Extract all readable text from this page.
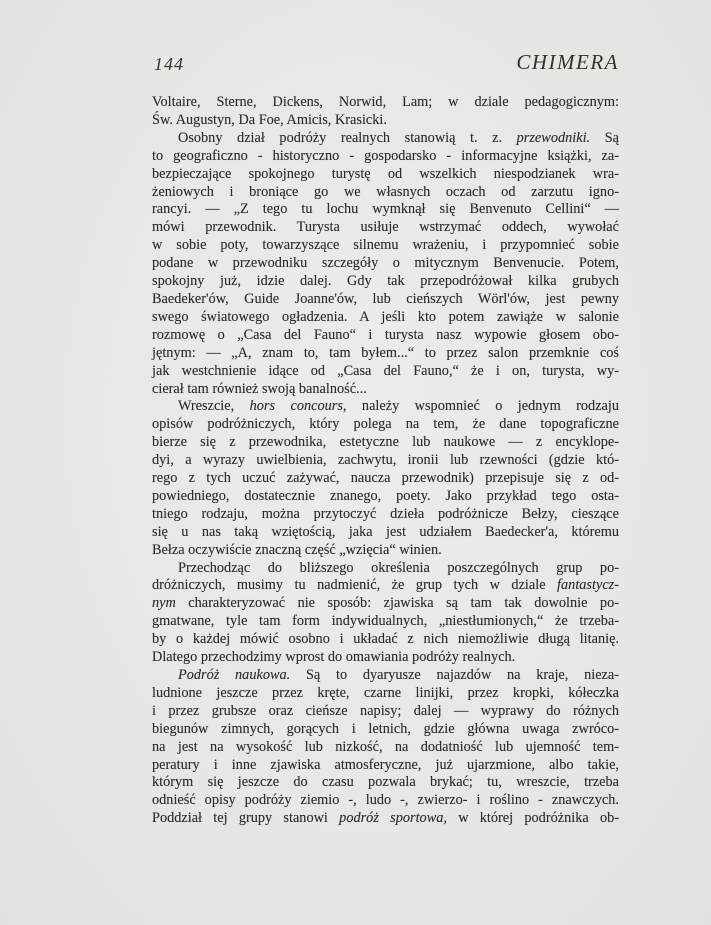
144	CHIMERA
Voltaire, Sterne, Dickens, Norwid, Lam; w dziale pedagogicznym:
Św. Augustyn, Da Foe, Amicis, Krasicki.
Osobny dział podróży realnych stanowią t. z. przewodniki. Są
to geograficzno - historyczno - gospodarsko - informacyjne książki, za-
bezpieczające spokojnego turystę od wszelkich niespodzianek wra-
żeniowych i broniące go we własnych oczach od zarzutu igno-
rancyi. — „Z tego tu lochu wymknął się Benvenuto Cellini“ —
mówi przewodnik. Turysta usiłuje wstrzymać oddech, wywołać
w sobie poty, towarzyszące silnemu wrażeniu, i przypomnieć sobie
podane w przewodniku szczegóły o mitycznym Benvenucie. Potem,
spokojny już, idzie dalej. Gdy tak przepodróżował kilka grubych
Baedeker'ów, Guide Joanne'ów, lub cieńszych Wörl'ów, jest pewny
swego światowego ogładzenia. A jeśli kto potem zawiąże w salonie
rozmowę o „Casa del Fauno“ i turysta nasz wypowie głosem obo-
jętnym: — „A, znam to, tam byłem...“ to przez salon przemknie coś
jak westchnienie idące od „Casa del Fauno,“ że i on, turysta, wy-
cierał tam również swoją banalność...
Wreszcie, hors concours, należy wspomnieć o jednym rodzaju
opisów podróżniczych, który polega na tem, że dane topograficzne
bierze się z przewodnika, estetyczne lub naukowe — z encyklope-
dyi, a wyrazy uwielbienia, zachwytu, ironii lub rzewności (gdzie któ-
rego z tych uczuć zażywać, naucza przewodnik) przepisuje się z od-
powiedniego, dostatecznie znanego, poety. Jako przykład tego osta-
tniego rodzaju, można przytoczyć dzieła podróżnicze Bełzy, cieszące
się u nas taką wziętością, jaka jest udziałem Baedecker'a, któremu
Bełza oczywiście znaczną część „wzięcia“ winien.
Przechodząc do bliższego określenia poszczególnych grup po-
dróżniczych, musimy tu nadmienić, że grup tych w dziale fantastycz-
nym charakteryzować nie sposób: zjawiska są tam tak dowolnie po-
gmatwane, tyle tam form indywidualnych, „niestłumionych,“ że trzeba-
by o każdej mówić osobno i układać z nich niemożliwie długą litanię.
Dlatego przechodzimy wprost do omawiania podróży realnych.
Podróż naukowa. Są to dyaryusze najazdów na kraje, nieza-
ludnione jeszcze przez kręte, czarne linijki, przez kropki, kółeczka
i przez grubsze oraz cieńsze napisy; dalej — wyprawy do różnych
biegunów zimnych, gorących i letnich, gdzie główna uwaga zwróco-
na jest na wysokość lub nizkość, na dodatniość lub ujemność tem-
peratury i inne zjawiska atmosferyczne, już ujarzmione, albo takie,
którym się jeszcze do czasu pozwala brykać; tu, wreszcie, trzeba
odnieść opisy podróży ziemio -, ludo -, zwierzo- i roślino - znawczych.
Poddział tej grupy stanowi podróż sportowa, w której podróżnika ob-
